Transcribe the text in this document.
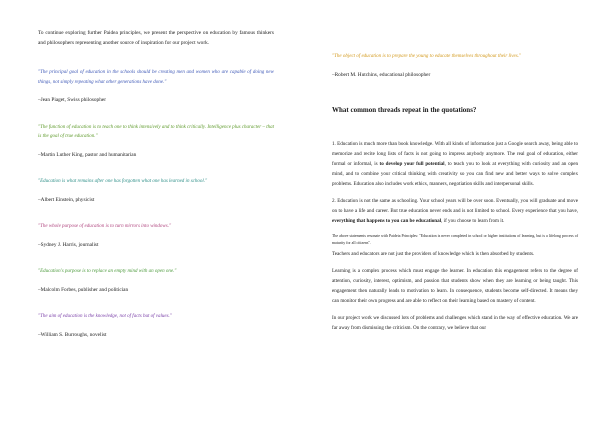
To continue exploring further Paidea principles, we present the perspective on education by famous thinkers and philosophers representing another source of inspiration for our project work.

"The principal goal of education in the schools should be creating men and women who are capable of doing new things, not simply repeating what other generations have done."

–Jean Piaget, Swiss philosopher

"The function of education is to teach one to think intensively and to think critically. Intelligence plus character – that is the goal of true education."

–Martin Luther King, pastor and humanitarian

"Education is what remains after one has forgotten what one has learned in school."

–Albert Einstein, physicist

"The whole purpose of education is to turn mirrors into windows."

–Sydney J. Harris, journalist

"Education's purpose is to replace an empty mind with an open one."

–Malcolm Forbes, publisher and politician

"The aim of education is the knowledge, not of facts but of values."

–William S. Burroughs, novelist

"The object of education is to prepare the young to educate themselves throughout their lives."

–Robert M. Hutchins, educational philosopher

What common threads repeat in the quotations?

1. Education is much more than book knowledge. With all kinds of information just a Google search away, being able to memorize and recite long lists of facts is not going to impress anybody anymore. The real goal of education, either formal or informal, is to develop your full potential, to teach you to look at everything with curiosity and an open mind, and to combine your critical thinking with creativity so you can find new and better ways to solve complex problems. Education also includes work ethics, manners, negotiation skills and interpersonal skills.

2. Education is not the same as schooling. Your school years will be over soon. Eventually, you will graduate and move on to have a life and career. But true education never ends and is not limited to school. Every experience that you have, everything that happens to you can be educational, if you choose to learn from it.

The above statements resonate with Paideia Principles: "Education is never completed in school or higher institutions of learning, but is a lifelong process of maturity for all citizens".

Teachers and educators are not just the providers of knowledge which is then absorbed by students.

Learning is a complex process which must engage the learner. In education this engagement refers to the degree of attention, curiosity, interest, optimism, and passion that students show when they are learning or being taught. This engagement then naturally leads to motivation to learn. In consequence, students become self-directed. It means they can monitor their own progress and are able to reflect on their learning based on mastery of content.

In our project work we discussed lots of problems and challenges which stand in the way of effective education. We are far away from dismissing the criticism. On the contrary, we believe that our
